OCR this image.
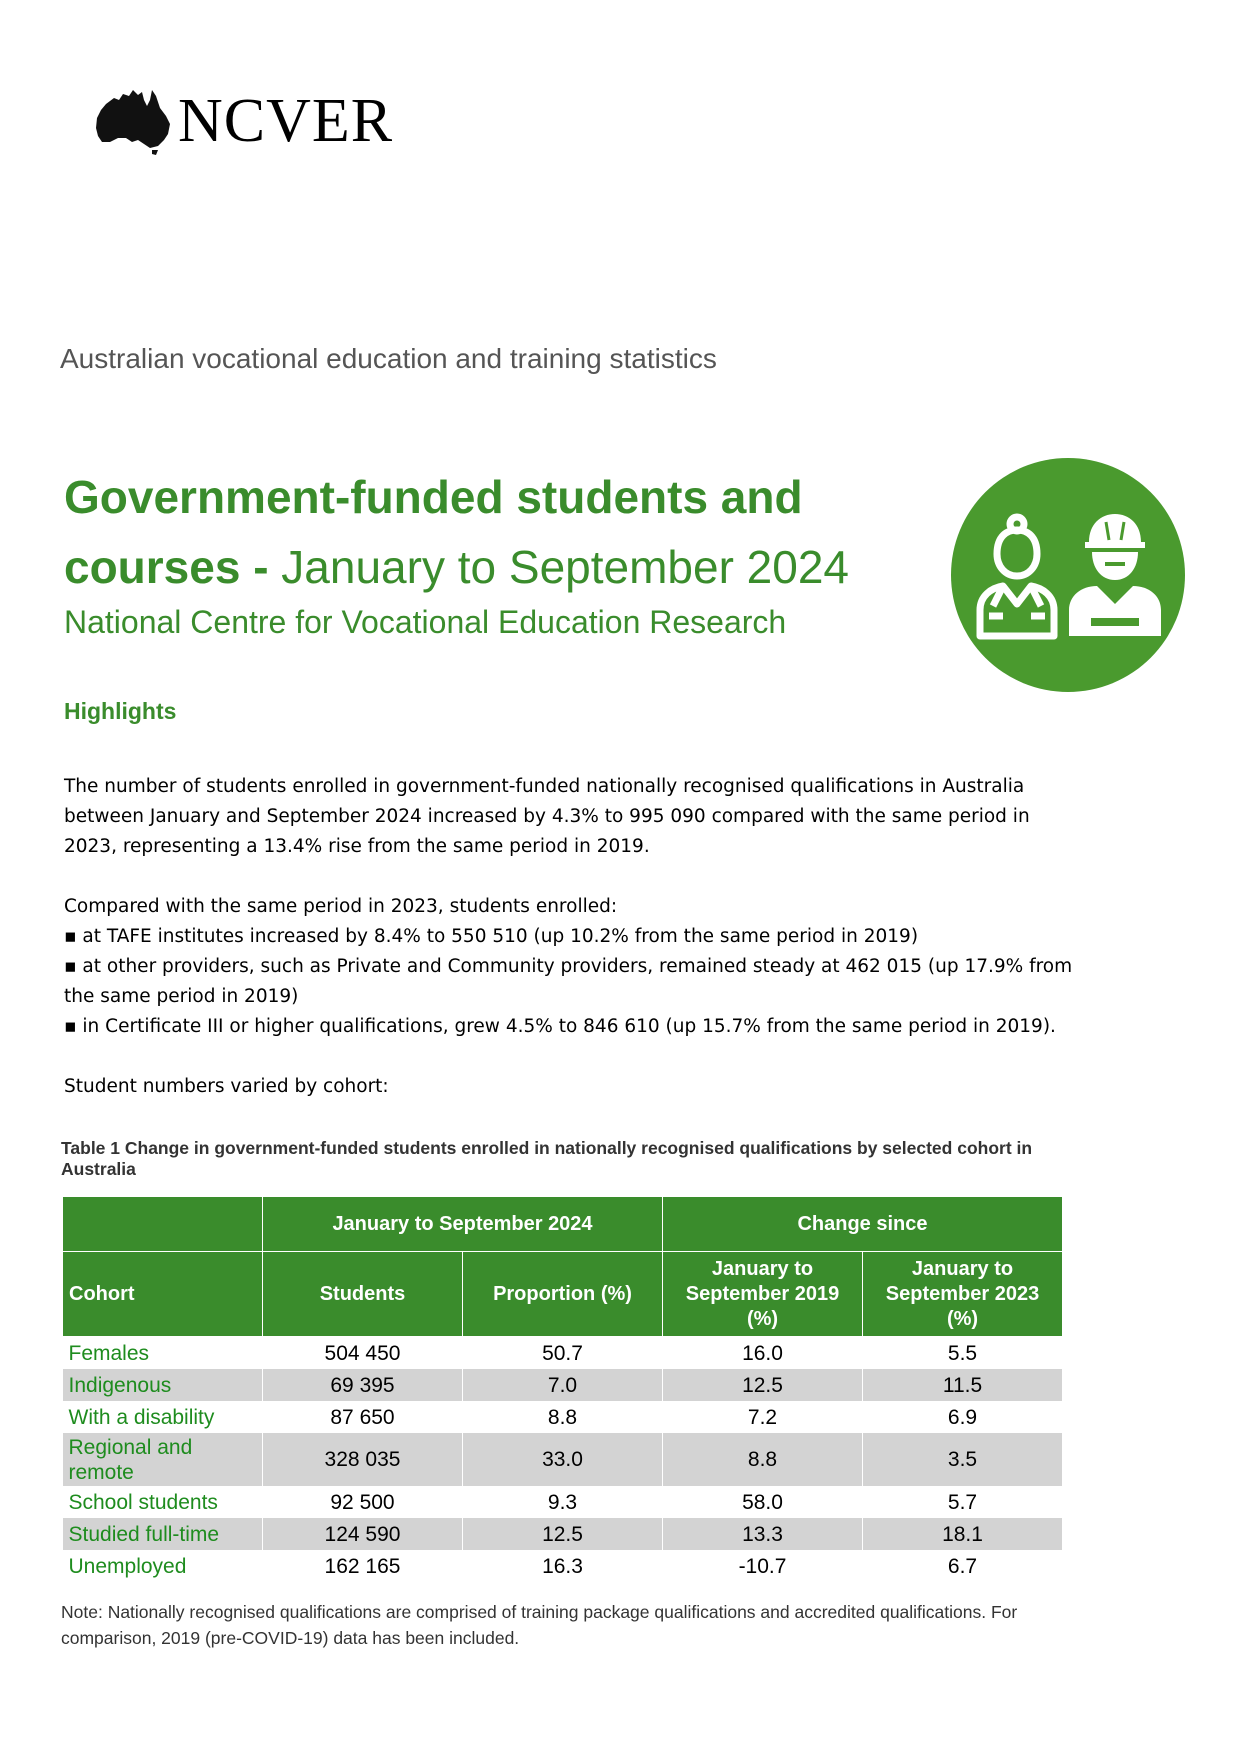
NCVER
Australian vocational education and training statistics
Government-funded students and
courses - January to September 2024
National Centre for Vocational Education Research
Highlights

The number of students enrolled in government-funded nationally recognised qualifications in Australia between January and September 2024 increased by 4.3% to 995 090 compared with the same period in 2023, representing a 13.4% rise from the same period in 2019.

Compared with the same period in 2023, students enrolled:
▪ at TAFE institutes increased by 8.4% to 550 510 (up 10.2% from the same period in 2019)
▪ at other providers, such as Private and Community providers, remained steady at 462 015 (up 17.9% from the same period in 2019)
▪ in Certificate III or higher qualifications, grew 4.5% to 846 610 (up 15.7% from the same period in 2019).

Student numbers varied by cohort:

Table 1 Change in government-funded students enrolled in nationally recognised qualifications by selected cohort in Australia
	January to September 2024		Change since	
Cohort	Students	Proportion (%)	January to September 2019 (%)	January to September 2023 (%)
Females	504 450	50.7	16.0	5.5
Indigenous	69 395	7.0	12.5	11.5
With a disability	87 650	8.8	7.2	6.9
Regional and remote	328 035	33.0	8.8	3.5
School students	92 500	9.3	58.0	5.7
Studied full-time	124 590	12.5	13.3	18.1
Unemployed	162 165	16.3	-10.7	6.7
Note: Nationally recognised qualifications are comprised of training package qualifications and accredited qualifications. For comparison, 2019 (pre-COVID-19) data has been included.
